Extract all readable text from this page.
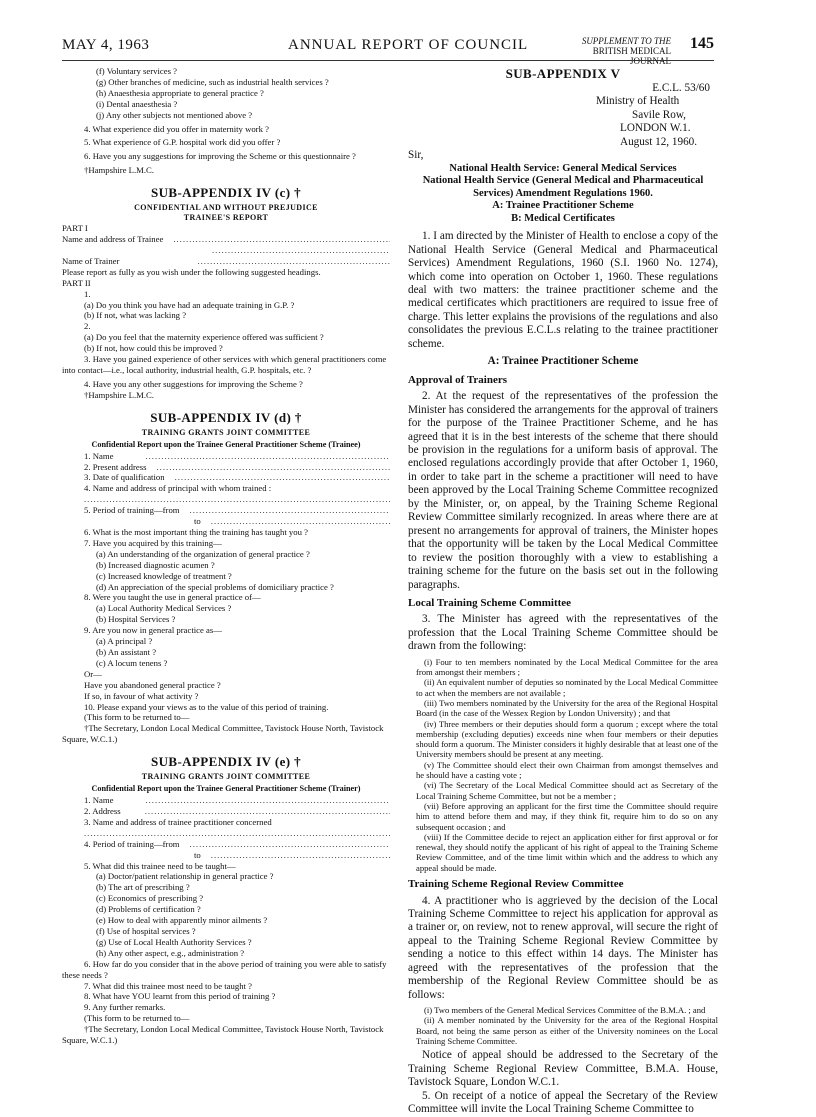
MAY 4, 1963	ANNUAL REPORT OF COUNCIL	SUPPLEMENT TO THE
BRITISH MEDICAL JOURNAL
145

(f) Voluntary services ?

(g) Other branches of medicine, such as industrial health services ?

(h) Anaesthesia appropriate to general practice ?

(i) Dental anaesthesia ?

(j) Any other subjects not mentioned above ?

4. What experience did you offer in maternity work ?

5. What experience of G.P. hospital work did you offer ?

6. Have you any suggestions for improving the Scheme or this questionnaire ?

†Hampshire L.M.C.

SUB-APPENDIX IV (c) †
CONFIDENTIAL AND WITHOUT PREJUDICE
TRAINEE'S REPORT

PART I

Name and address of Trainee
.....
.....
Name of Trainer
.....

Please report as fully as you wish under the following suggested headings.

PART II

1.

(a) Do you think you have had an adequate training in G.P. ?

(b) If not, what was lacking ?

2.

(a) Do you feel that the maternity experience offered was sufficient ?

(b) If not, how could this be improved ?

3. Have you gained experience of other services with which general practitioners come into contact—i.e., local authority, industrial health, G.P. hospitals, etc. ?

4. Have you any other suggestions for improving the Scheme ?

†Hampshire L.M.C.

SUB-APPENDIX IV (d) †
TRAINING GRANTS JOINT COMMITTEE
Confidential Report upon the Trainee General Practitioner Scheme (Trainee)
1. Name
.....
2. Present address
.....
3. Date of qualification
.....

4. Name and address of principal with whom trained :

.....
5. Period of training—from
.....
to
.....

6. What is the most important thing the training has taught you ?

7. Have you acquired by this training—

(a) An understanding of the organization of general practice ?

(b) Increased diagnostic acumen ?

(c) Increased knowledge of treatment ?

(d) An appreciation of the special problems of domiciliary practice ?

8. Were you taught the use in general practice of—

(a) Local Authority Medical Services ?

(b) Hospital Services ?

9. Are you now in general practice as—

(a) A principal ?

(b) An assistant ?

(c) A locum tenens ?

Or—

Have you abandoned general practice ?

If so, in favour of what activity ?

10. Please expand your views as to the value of this period of training.

(This form to be returned to—

†The Secretary, London Local Medical Committee, Tavistock House North, Tavistock Square, W.C.1.)

SUB-APPENDIX IV (e) †
TRAINING GRANTS JOINT COMMITTEE
Confidential Report upon the Trainee General Practitioner Scheme (Trainer)
1. Name
.....
2. Address
.....

3. Name and address of trainee practitioner concerned

.....
4. Period of training—from
.....
to
.....

5. What did this trainee need to be taught—

(a) Doctor/patient relationship in general practice ?

(b) The art of prescribing ?

(c) Economics of prescribing ?

(d) Problems of certification ?

(e) How to deal with apparently minor ailments ?

(f) Use of hospital services ?

(g) Use of Local Health Authority Services ?

(h) Any other aspect, e.g., administration ?

6. How far do you consider that in the above period of training you were able to satisfy these needs ?

7. What did this trainee most need to be taught ?

8. What have YOU learnt from this period of training ?

9. Any further remarks.

(This form to be returned to—

†The Secretary, London Local Medical Committee, Tavistock House North, Tavistock Square, W.C.1.)

SUB-APPENDIX V

E.C.L. 53/60

Ministry of Health

Savile Row,

LONDON W.1.

August 12, 1960.

Sir,

National Health Service: General Medical Services

National Health Service (General Medical and Pharmaceutical Services) Amendment Regulations 1960.

A: Trainee Practitioner Scheme

B: Medical Certificates

1. I am directed by the Minister of Health to enclose a copy of the National Health Service (General Medical and Pharmaceutical Services) Amendment Regulations, 1960 (S.I. 1960 No. 1274), which come into operation on October 1, 1960. These regulations deal with two matters: the trainee practitioner scheme and the medical certificates which practitioners are required to issue free of charge. This letter explains the provisions of the regulations and also consolidates the previous E.C.L.s relating to the trainee practitioner scheme.

A: Trainee Practitioner Scheme
Approval of Trainers

2. At the request of the representatives of the profession the Minister has considered the arrangements for the approval of trainers for the purpose of the Trainee Practitioner Scheme, and he has agreed that it is in the best interests of the scheme that there should be provision in the regulations for a uniform basis of approval. The enclosed regulations accordingly provide that after October 1, 1960, in order to take part in the scheme a practitioner will need to have been approved by the Local Training Scheme Committee recognized by the Minister, or, on appeal, by the Training Scheme Regional Review Committee similarly recognized. In areas where there are at present no arrangements for approval of trainers, the Minister hopes that the opportunity will be taken by the Local Medical Committee to review the position thoroughly with a view to establishing a training scheme for the future on the basis set out in the following paragraphs.

Local Training Scheme Committee

3. The Minister has agreed with the representatives of the profession that the Local Training Scheme Committee should be drawn from the following:

(i) Four to ten members nominated by the Local Medical Committee for the area from amongst their members ;

(ii) An equivalent number of deputies so nominated by the Local Medical Committee to act when the members are not available ;

(iii) Two members nominated by the University for the area of the Regional Hospital Board (in the case of the Wessex Region by London University) ; and that

(iv) Three members or their deputies should form a quorum ; except where the total membership (excluding deputies) exceeds nine when four members or their deputies should form a quorum. The Minister considers it highly desirable that at least one of the University members should be present at any meeting.

(v) The Committee should elect their own Chairman from amongst themselves and he should have a casting vote ;

(vi) The Secretary of the Local Medical Committee should act as Secretary of the Local Training Scheme Committee, but not be a member ;

(vii) Before approving an applicant for the first time the Committee should require him to attend before them and may, if they think fit, require him to do so on any subsequent occasion ; and

(viii) If the Committee decide to reject an application either for first approval or for renewal, they should notify the applicant of his right of appeal to the Training Scheme Review Committee, and of the time limit within which and the address to which any appeal should be made.

Training Scheme Regional Review Committee

4. A practitioner who is aggrieved by the decision of the Local Training Scheme Committee to reject his application for approval as a trainer or, on review, not to renew approval, will secure the right of appeal to the Training Scheme Regional Review Committee by sending a notice to this effect within 14 days. The Minister has agreed with the representatives of the profession that the membership of the Regional Review Committee should be as follows:

(i) Two members of the General Medical Services Committee of the B.M.A. ; and

(ii) A member nominated by the University for the area of the Regional Hospital Board, not being the same person as either of the University nominees on the Local Training Scheme Committee.

Notice of appeal should be addressed to the Secretary of the Training Scheme Regional Review Committee, B.M.A. House, Tavistock Square, London W.C.1.

5. On receipt of a notice of appeal the Secretary of the Review Committee will invite the Local Training Scheme Committee to
